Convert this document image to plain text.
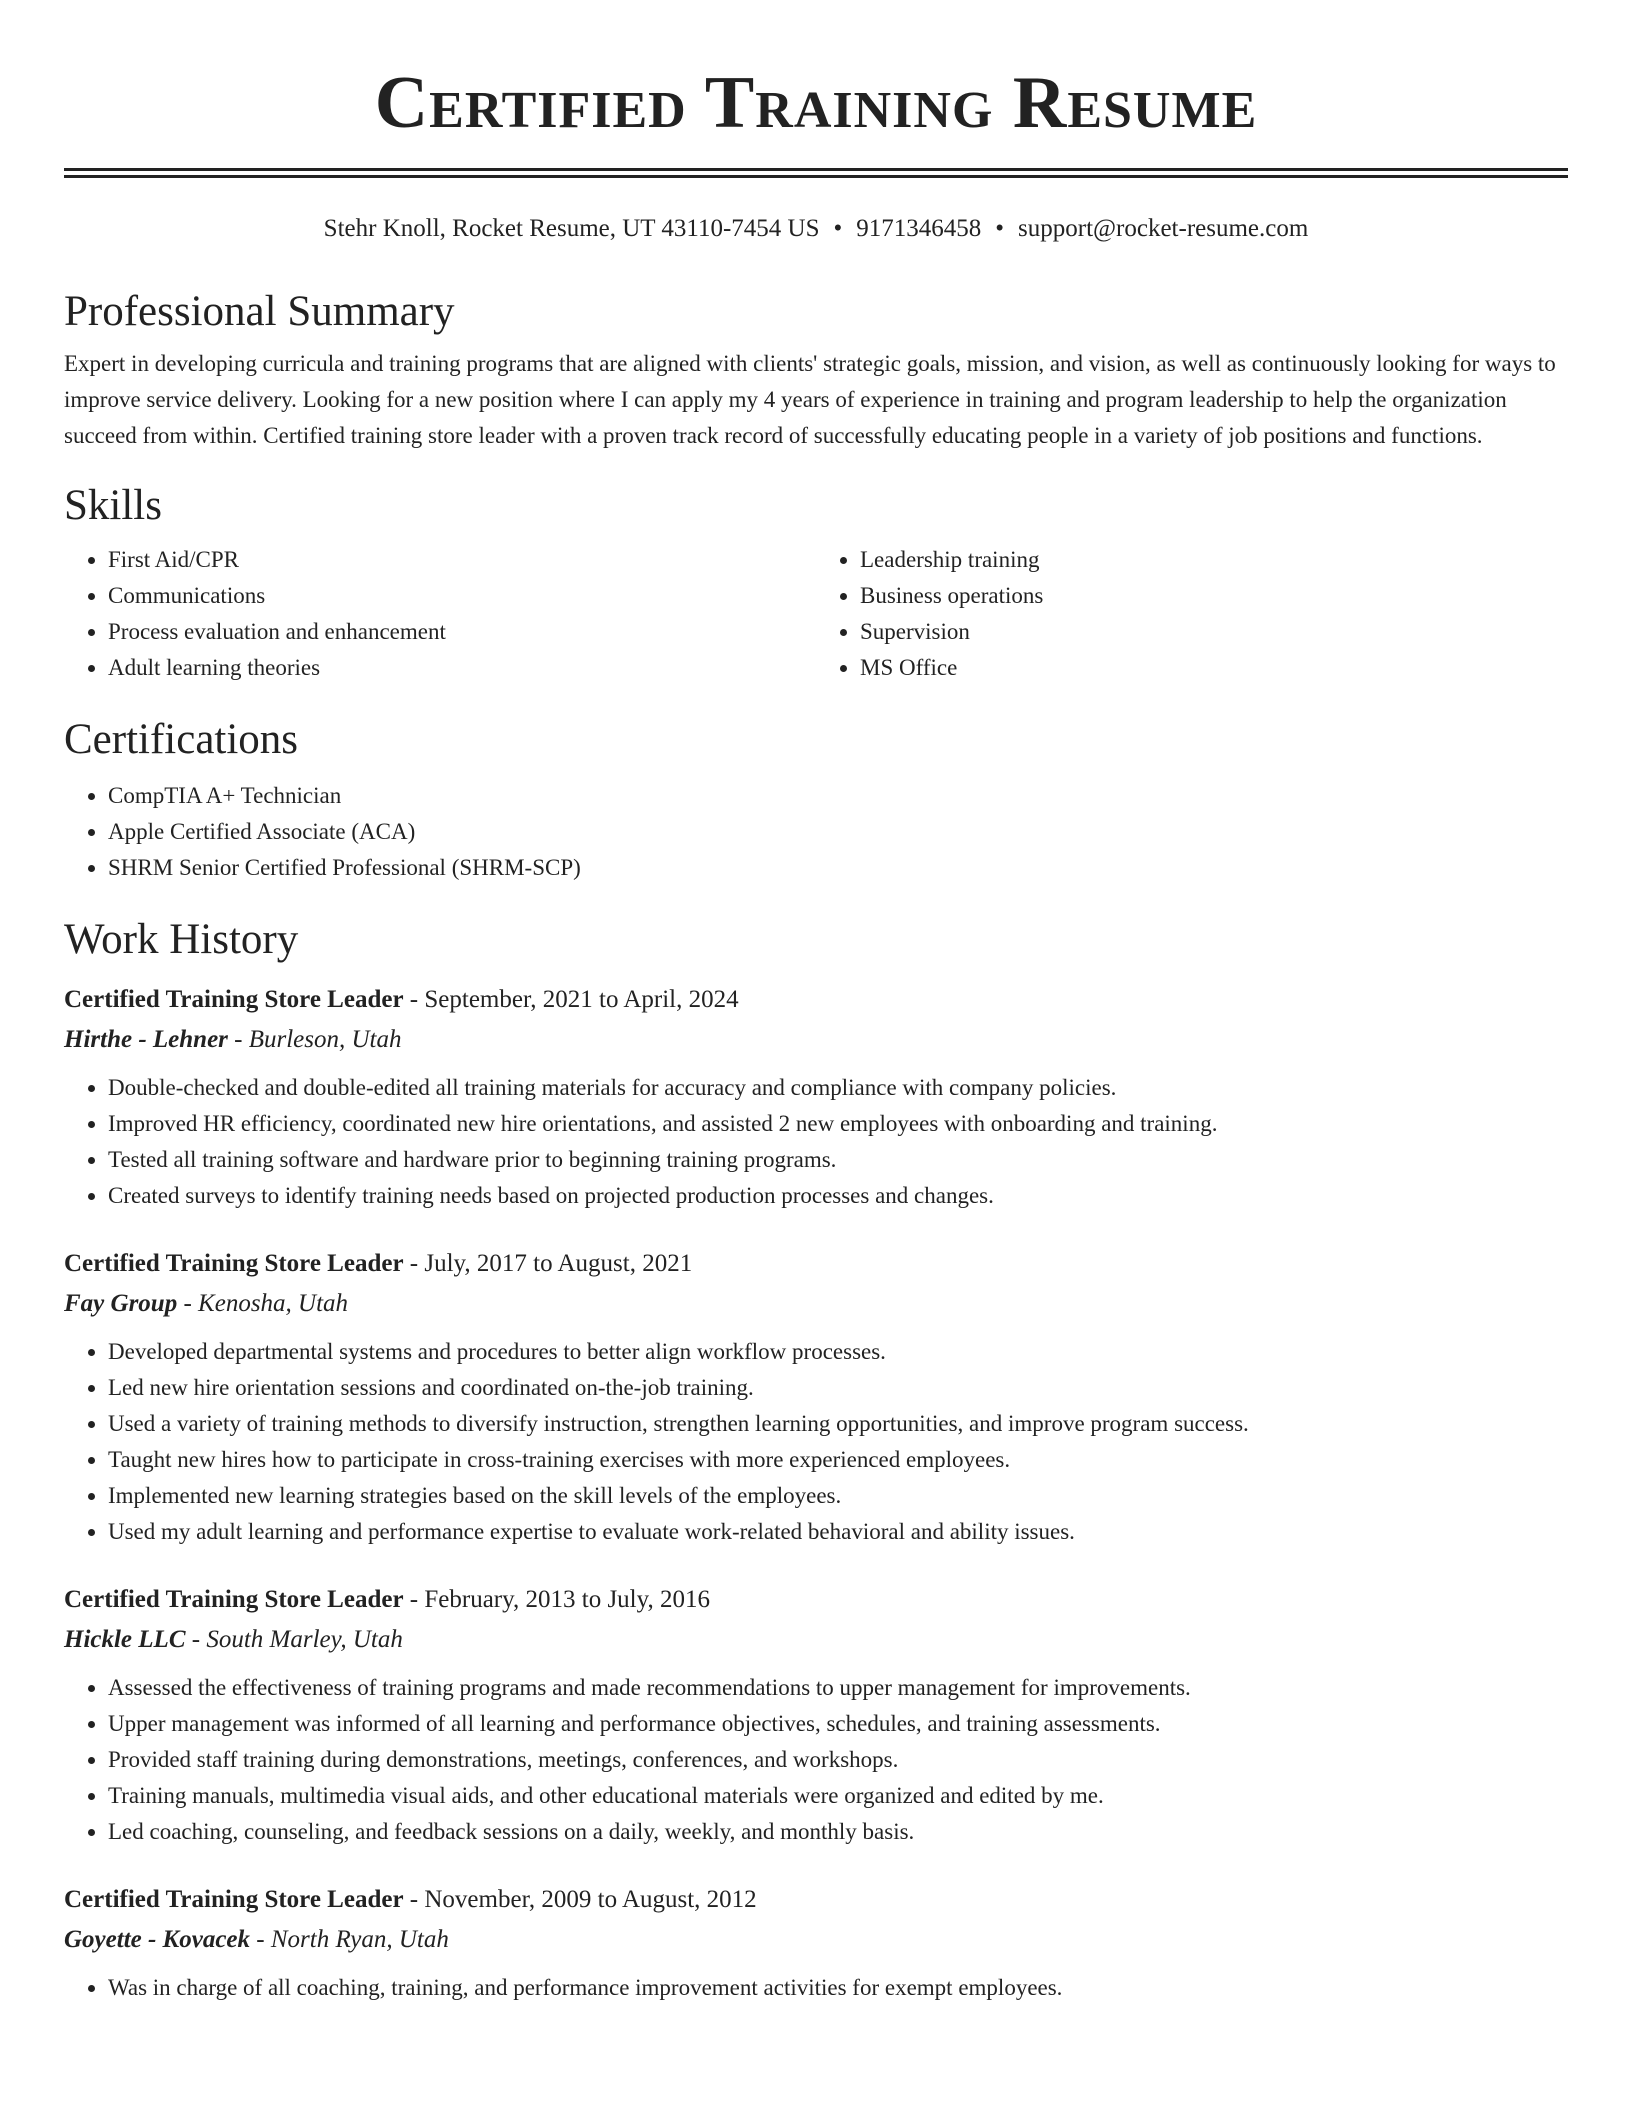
Certified Training Resume
Stehr Knoll, Rocket Resume, UT 43110-7454 US • 9171346458 • support@rocket-resume.com
Professional Summary

Expert in developing curricula and training programs that are aligned with clients' strategic goals, mission, and vision, as well as continuously looking for ways to improve service delivery. Looking for a new position where I can apply my 4 years of experience in training and program leadership to help the organization succeed from within. Certified training store leader with a proven track record of successfully educating people in a variety of job positions and functions.

Skills
• First Aid/CPR
• Communications
• Process evaluation and enhancement
• Adult learning theories
• Leadership training
• Business operations
• Supervision
• MS Office
Certifications
• CompTIA A+ Technician
• Apple Certified Associate (ACA)
• SHRM Senior Certified Professional (SHRM-SCP)
Work History
Certified Training Store Leader - September, 2021 to April, 2024
Hirthe - Lehner - Burleson, Utah
• Double-checked and double-edited all training materials for accuracy and compliance with company policies.
• Improved HR efficiency, coordinated new hire orientations, and assisted 2 new employees with onboarding and training.
• Tested all training software and hardware prior to beginning training programs.
• Created surveys to identify training needs based on projected production processes and changes.
Certified Training Store Leader - July, 2017 to August, 2021
Fay Group - Kenosha, Utah
• Developed departmental systems and procedures to better align workflow processes.
• Led new hire orientation sessions and coordinated on-the-job training.
• Used a variety of training methods to diversify instruction, strengthen learning opportunities, and improve program success.
• Taught new hires how to participate in cross-training exercises with more experienced employees.
• Implemented new learning strategies based on the skill levels of the employees.
• Used my adult learning and performance expertise to evaluate work-related behavioral and ability issues.
Certified Training Store Leader - February, 2013 to July, 2016
Hickle LLC - South Marley, Utah
• Assessed the effectiveness of training programs and made recommendations to upper management for improvements.
• Upper management was informed of all learning and performance objectives, schedules, and training assessments.
• Provided staff training during demonstrations, meetings, conferences, and workshops.
• Training manuals, multimedia visual aids, and other educational materials were organized and edited by me.
• Led coaching, counseling, and feedback sessions on a daily, weekly, and monthly basis.
Certified Training Store Leader - November, 2009 to August, 2012
Goyette - Kovacek - North Ryan, Utah
• Was in charge of all coaching, training, and performance improvement activities for exempt employees.
